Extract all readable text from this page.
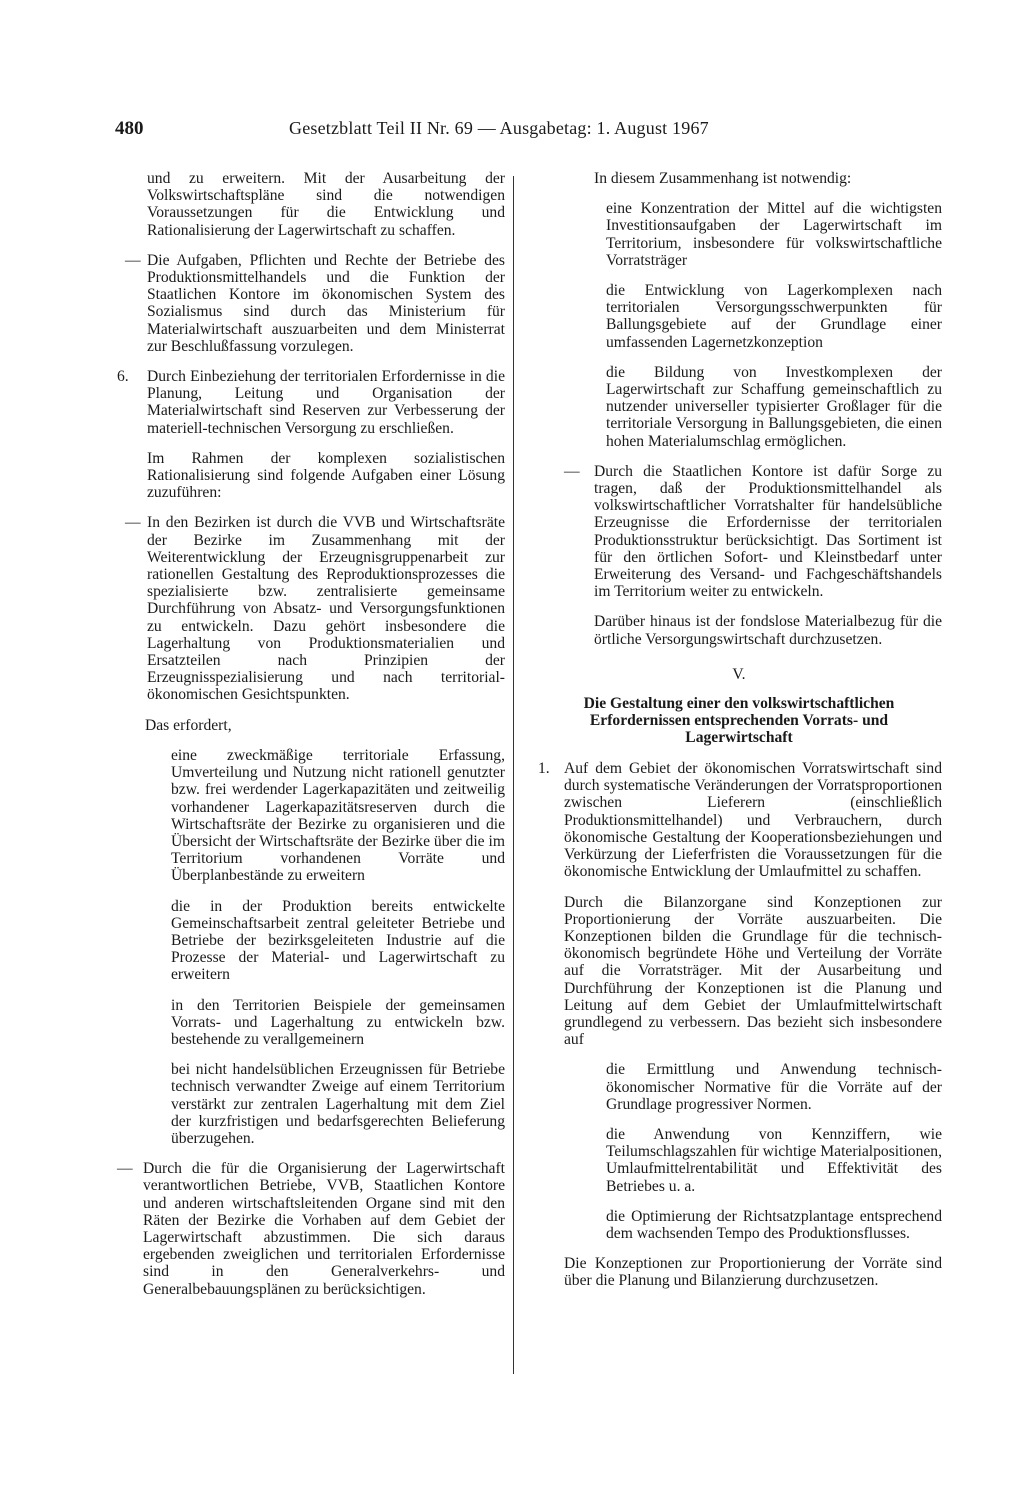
480	Gesetzblatt Teil II Nr. 69 — Ausgabetag: 1. August 1967
und zu erweitern. Mit der Ausarbeitung der Volkswirtschaftspläne sind die notwendigen Voraussetzungen für die Entwicklung und Rationalisierung der Lagerwirtschaft zu schaffen.
— Die Aufgaben, Pflichten und Rechte der Betriebe des Produktionsmittelhandels und die Funktion der Staatlichen Kontore im ökonomischen System des Sozialismus sind durch das Ministerium für Materialwirtschaft auszuarbeiten und dem Ministerrat zur Beschlußfassung vorzulegen.
6. Durch Einbeziehung der territorialen Erfordernisse in die Planung, Leitung und Organisation der Materialwirtschaft sind Reserven zur Verbesserung der materiell-technischen Versorgung zu erschließen.
Im Rahmen der komplexen sozialistischen Rationalisierung sind folgende Aufgaben einer Lösung zuzuführen:
— In den Bezirken ist durch die VVB und Wirtschaftsräte der Bezirke im Zusammenhang mit der Weiterentwicklung der Erzeugnisgruppenarbeit zur rationellen Gestaltung des Reproduktionsprozesses die spezialisierte bzw. zentralisierte gemeinsame Durchführung von Absatz- und Versorgungsfunktionen zu entwickeln. Dazu gehört insbesondere die Lagerhaltung von Produktionsmaterialien und Ersatzteilen nach Prinzipien der Erzeugnisspezialisierung und nach territorial-ökonomischen Gesichtspunkten.
Das erfordert,
eine zweckmäßige territoriale Erfassung, Umverteilung und Nutzung nicht rationell genutzter bzw. frei werdender Lagerkapazitäten und zeitweilig vorhandener Lagerkapazitätsreserven durch die Wirtschaftsräte der Bezirke zu organisieren und die Übersicht der Wirtschaftsräte der Bezirke über die im Territorium vorhandenen Vorräte und Überplanbestände zu erweitern
die in der Produktion bereits entwickelte Gemeinschaftsarbeit zentral geleiteter Betriebe und Betriebe der bezirksgeleiteten Industrie auf die Prozesse der Material- und Lagerwirtschaft zu erweitern
in den Territorien Beispiele der gemeinsamen Vorrats- und Lagerhaltung zu entwickeln bzw. bestehende zu verallgemeinern
bei nicht handelsüblichen Erzeugnissen für Betriebe technisch verwandter Zweige auf einem Territorium verstärkt zur zentralen Lagerhaltung mit dem Ziel der kurzfristigen und bedarfsgerechten Belieferung überzugehen.
— Durch die für die Organisierung der Lagerwirtschaft verantwortlichen Betriebe, VVB, Staatlichen Kontore und anderen wirtschaftsleitenden Organe sind mit den Räten der Bezirke die Vorhaben auf dem Gebiet der Lagerwirtschaft abzustimmen. Die sich daraus ergebenden zweiglichen und territorialen Erfordernisse sind in den Generalverkehrs- und Generalbebauungsplänen zu berücksichtigen.
In diesem Zusammenhang ist notwendig:
eine Konzentration der Mittel auf die wichtigsten Investitionsaufgaben der Lagerwirtschaft im Territorium, insbesondere für volkswirtschaftliche Vorratsträger
die Entwicklung von Lagerkomplexen nach territorialen Versorgungsschwerpunkten für Ballungsgebiete auf der Grundlage einer umfassenden Lagernetzkonzeption
die Bildung von Investkomplexen der Lagerwirtschaft zur Schaffung gemeinschaftlich zu nutzender universeller typisierter Großlager für die territoriale Versorgung in Ballungsgebieten, die einen hohen Materialumschlag ermöglichen.
— Durch die Staatlichen Kontore ist dafür Sorge zu tragen, daß der Produktionsmittelhandel als volkswirtschaftlicher Vorratshalter für handelsübliche Erzeugnisse die Erfordernisse der territorialen Produktionsstruktur berücksichtigt. Das Sortiment ist für den örtlichen Sofort- und Kleinstbedarf unter Erweiterung des Versand- und Fachgeschäftshandels im Territorium weiter zu entwickeln.
Darüber hinaus ist der fondslose Materialbezug für die örtliche Versorgungswirtschaft durchzusetzen.
V.
Die Gestaltung einer den volkswirtschaftlichen
Erfordernissen entsprechenden Vorrats- und
Lagerwirtschaft
1. Auf dem Gebiet der ökonomischen Vorratswirtschaft sind durch systematische Veränderungen der Vorratsproportionen zwischen Lieferern (einschließlich Produktionsmittelhandel) und Verbrauchern, durch ökonomische Gestaltung der Kooperationsbeziehungen und Verkürzung der Lieferfristen die Voraussetzungen für die ökonomische Entwicklung der Umlaufmittel zu schaffen.
Durch die Bilanzorgane sind Konzeptionen zur Proportionierung der Vorräte auszuarbeiten. Die Konzeptionen bilden die Grundlage für die technisch-ökonomisch begründete Höhe und Verteilung der Vorräte auf die Vorratsträger. Mit der Ausarbeitung und Durchführung der Konzeptionen ist die Planung und Leitung auf dem Gebiet der Umlaufmittelwirtschaft grundlegend zu verbessern. Das bezieht sich insbesondere auf
die Ermittlung und Anwendung technisch-ökonomischer Normative für die Vorräte auf der Grundlage progressiver Normen.
die Anwendung von Kennziffern, wie Teilumschlagszahlen für wichtige Materialpositionen, Umlaufmittelrentabilität und Effektivität des Betriebes u. a.
die Optimierung der Richtsatzplantage entsprechend dem wachsenden Tempo des Produktionsflusses.
Die Konzeptionen zur Proportionierung der Vorräte sind über die Planung und Bilanzierung durchzusetzen.
